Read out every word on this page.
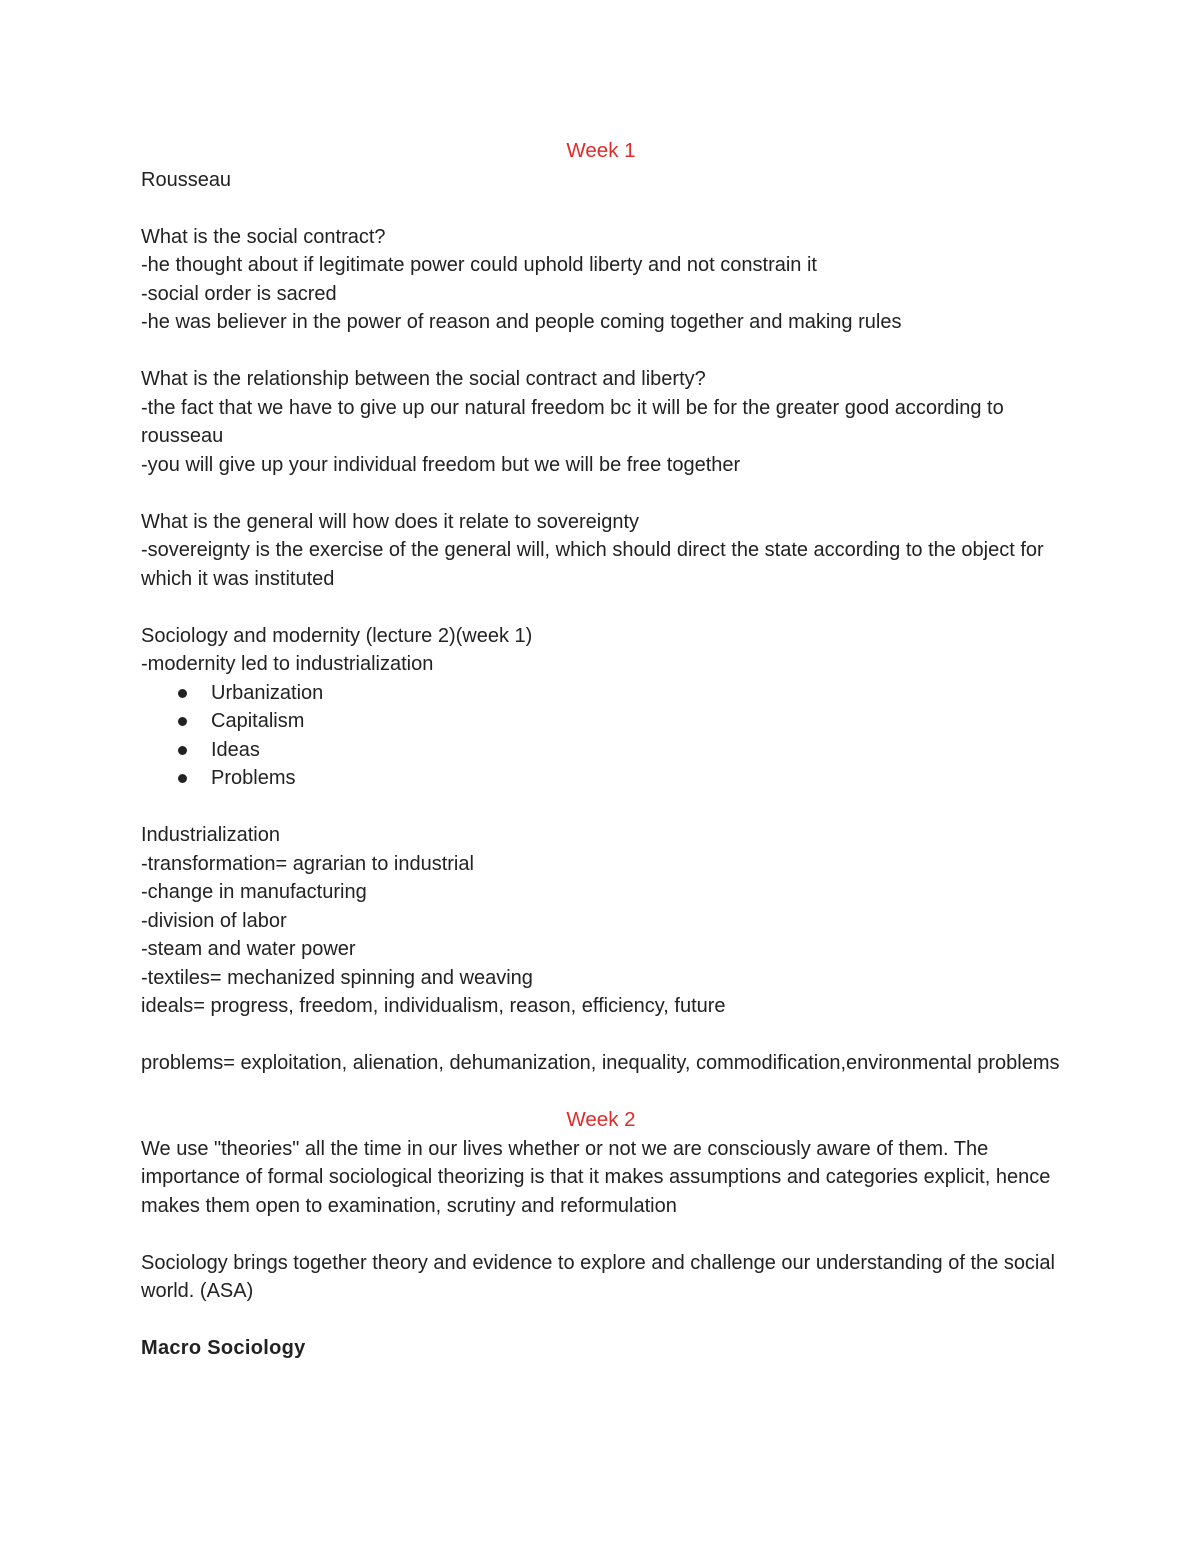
Week 1

Rousseau

What is the social contract?

-he thought about if legitimate power could uphold liberty and not constrain it

-social order is sacred

-he was believer in the power of reason and people coming together and making rules

What is the relationship between the social contract and liberty?

-the fact that we have to give up our natural freedom bc it will be for the greater good according to rousseau

-you will give up your individual freedom but we will be free together

What is the general will how does it relate to sovereignty

-sovereignty is the exercise of the general will, which should direct the state according to the object for which it was instituted

Sociology and modernity (lecture 2)(week 1)

-modernity led to industrialization

Urbanization
Capitalism
Ideas
Problems

Industrialization

-transformation= agrarian to industrial

-change in manufacturing

-division of labor

-steam and water power

-textiles= mechanized spinning and weaving

ideals= progress, freedom, individualism, reason, efficiency, future

problems= exploitation, alienation, dehumanization, inequality, commodification,environmental problems

Week 2

We use "theories" all the time in our lives whether or not we are consciously aware of them. The importance of formal sociological theorizing is that it makes assumptions and categories explicit, hence makes them open to examination, scrutiny and reformulation

Sociology brings together theory and evidence to explore and challenge our understanding of the social world. (ASA)

Macro Sociology
